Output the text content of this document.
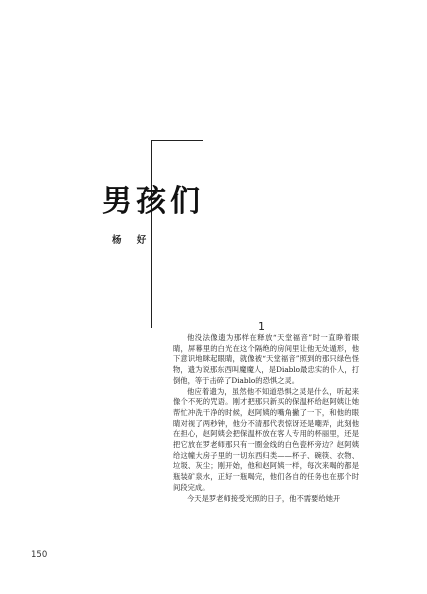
男孩们
杨 好
1

他没法像遗为那样在释放“天堂福音”时一直睁着眼睛，屏幕里的白光在这个隔绝的房间里让他无处遁形，他下意识地眯起眼睛，就像被“天堂福音”照到的那只绿色怪物，遗为说那东西叫魔魔人，是Diablo最忠实的仆人，打倒他，等于击碎了Diablo的恐惧之灵。

他应着遗为，虽然他不知道恐惧之灵是什么，听起来像个不死的咒语。刚才把那只新买的保温杯给赵阿姨让她帮忙冲洗干净的时候，赵阿姨的嘴角撇了一下，和他的眼睛对视了两秒钟，他分不清那代表惊讶还是嘲弄，此刻他在担心，赵阿姨会把保温杯放在客人专用的杯丽里，还是把它放在罗老师那只有一圈金线的白色瓷杯旁边？赵阿姨给这幢大房子里的一切东西归类——杯子、碗筷、衣物、垃圾、灰尘；刚开始，他和赵阿姨一样，每次来喝的都是瓶装矿泉水，正好一瓶喝完，他们各自的任务也在那个时间段完成。

今天是罗老师接受光照的日子，他不需要给她开

150
